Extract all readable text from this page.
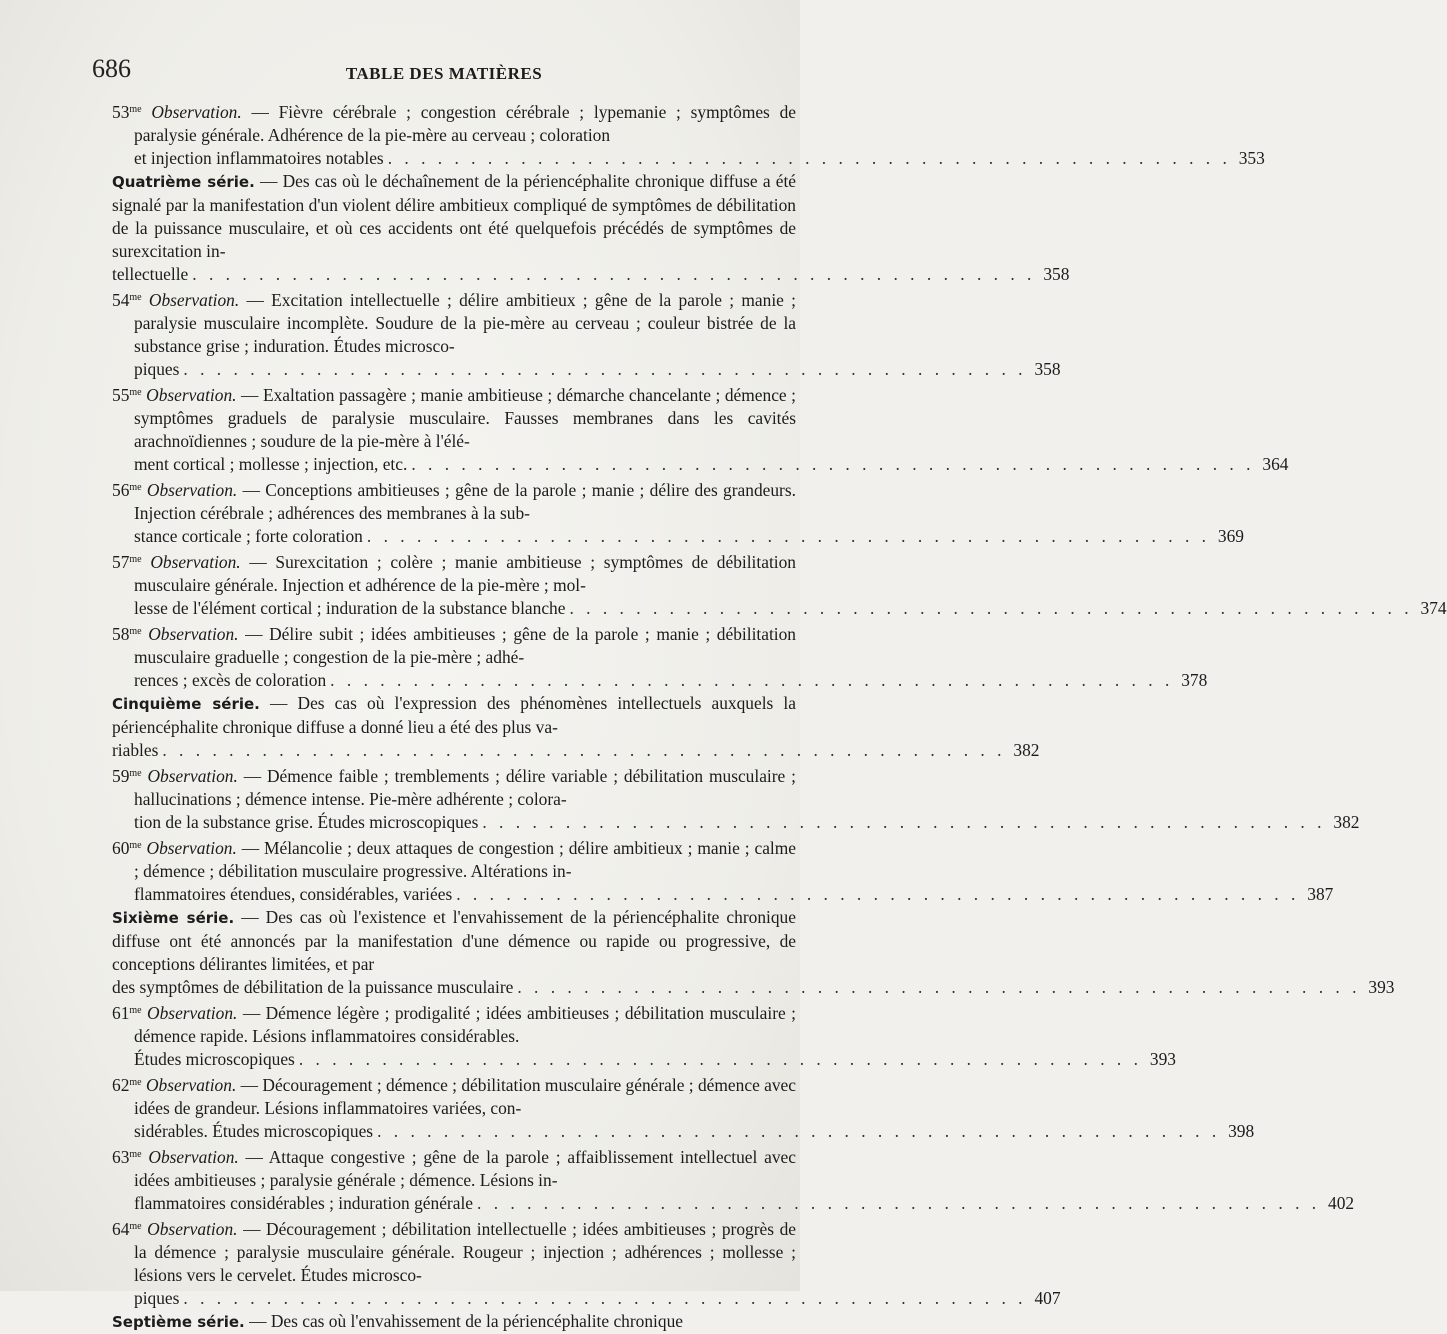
686	TABLE DES MATIÈRES
$53^{me}$ Observation. — Fièvre cérébrale ; congestion cérébrale ; lypemanie ; symptômes de paralysie générale. Adhérence de la pie-mère au cerveau ; coloration
et injection inflammatoires notables . . . . . . . . . . . . . . . . . . . . . . . . . . . . . . . . . . . . . . . . . . . . . . . . . . . 353
Quatrième série. — Des cas où le déchaînement de la périencéphalite chronique diffuse a été signalé par la manifestation d'un violent délire ambitieux compliqué de symptômes de débilitation de la puissance musculaire, et où ces accidents ont été quelquefois précédés de symptômes de surexcitation in-
tellectuelle . . . . . . . . . . . . . . . . . . . . . . . . . . . . . . . . . . . . . . . . . . . . . . . . . . . 358
$54^{me}$ Observation. — Excitation intellectuelle ; délire ambitieux ; gêne de la parole ; manie ; paralysie musculaire incomplète. Soudure de la pie-mère au cerveau ; couleur bistrée de la substance grise ; induration. Études microsco-
piques . . . . . . . . . . . . . . . . . . . . . . . . . . . . . . . . . . . . . . . . . . . . . . . . . . . 358
$55^{me}$ Observation. — Exaltation passagère ; manie ambitieuse ; démarche chancelante ; démence ; symptômes graduels de paralysie musculaire. Fausses membranes dans les cavités arachnoïdiennes ; soudure de la pie-mère à l'élé-
ment cortical ; mollesse ; injection, etc. . . . . . . . . . . . . . . . . . . . . . . . . . . . . . . . . . . . . . . . . . . . . . . . . . . . 364
$56^{me}$ Observation. — Conceptions ambitieuses ; gêne de la parole ; manie ; délire des grandeurs. Injection cérébrale ; adhérences des membranes à la sub-
stance corticale ; forte coloration . . . . . . . . . . . . . . . . . . . . . . . . . . . . . . . . . . . . . . . . . . . . . . . . . . . 369
$57^{me}$ Observation. — Surexcitation ; colère ; manie ambitieuse ; symptômes de débilitation musculaire générale. Injection et adhérence de la pie-mère ; mol-
lesse de l'élément cortical ; induration de la substance blanche . . . . . . . . . . . . . . . . . . . . . . . . . . . . . . . . . . . . . . . . . . . . . . . . . . . 374
$58^{me}$ Observation. — Délire subit ; idées ambitieuses ; gêne de la parole ; manie ; débilitation musculaire graduelle ; congestion de la pie-mère ; adhé-
rences ; excès de coloration . . . . . . . . . . . . . . . . . . . . . . . . . . . . . . . . . . . . . . . . . . . . . . . . . . . 378
Cinquième série. — Des cas où l'expression des phénomènes intellectuels auxquels la périencéphalite chronique diffuse a donné lieu a été des plus va-
riables . . . . . . . . . . . . . . . . . . . . . . . . . . . . . . . . . . . . . . . . . . . . . . . . . . . 382
$59^{me}$ Observation. — Démence faible ; tremblements ; délire variable ; débilitation musculaire ; hallucinations ; démence intense. Pie-mère adhérente ; colora-
tion de la substance grise. Études microscopiques . . . . . . . . . . . . . . . . . . . . . . . . . . . . . . . . . . . . . . . . . . . . . . . . . . . 382
$60^{me}$ Observation. — Mélancolie ; deux attaques de congestion ; délire ambitieux ; manie ; calme ; démence ; débilitation musculaire progressive. Altérations in-
flammatoires étendues, considérables, variées . . . . . . . . . . . . . . . . . . . . . . . . . . . . . . . . . . . . . . . . . . . . . . . . . . . 387
Sixième série. — Des cas où l'existence et l'envahissement de la périencéphalite chronique diffuse ont été annoncés par la manifestation d'une démence ou rapide ou progressive, de conceptions délirantes limitées, et par
des symptômes de débilitation de la puissance musculaire . . . . . . . . . . . . . . . . . . . . . . . . . . . . . . . . . . . . . . . . . . . . . . . . . . . 393
$61^{me}$ Observation. — Démence légère ; prodigalité ; idées ambitieuses ; débilitation musculaire ; démence rapide. Lésions inflammatoires considérables.
Études microscopiques . . . . . . . . . . . . . . . . . . . . . . . . . . . . . . . . . . . . . . . . . . . . . . . . . . . 393
$62^{me}$ Observation. — Découragement ; démence ; débilitation musculaire générale ; démence avec idées de grandeur. Lésions inflammatoires variées, con-
sidérables. Études microscopiques . . . . . . . . . . . . . . . . . . . . . . . . . . . . . . . . . . . . . . . . . . . . . . . . . . . 398
$63^{me}$ Observation. — Attaque congestive ; gêne de la parole ; affaiblissement intellectuel avec idées ambitieuses ; paralysie générale ; démence. Lésions in-
flammatoires considérables ; induration générale . . . . . . . . . . . . . . . . . . . . . . . . . . . . . . . . . . . . . . . . . . . . . . . . . . . 402
$64^{me}$ Observation. — Découragement ; débilitation intellectuelle ; idées ambitieuses ; progrès de la démence ; paralysie musculaire générale. Rougeur ; injection ; adhérences ; mollesse ; lésions vers le cervelet. Études microsco-
piques . . . . . . . . . . . . . . . . . . . . . . . . . . . . . . . . . . . . . . . . . . . . . . . . . . . 407
Septième série. — Des cas où l'envahissement de la périencéphalite chronique
